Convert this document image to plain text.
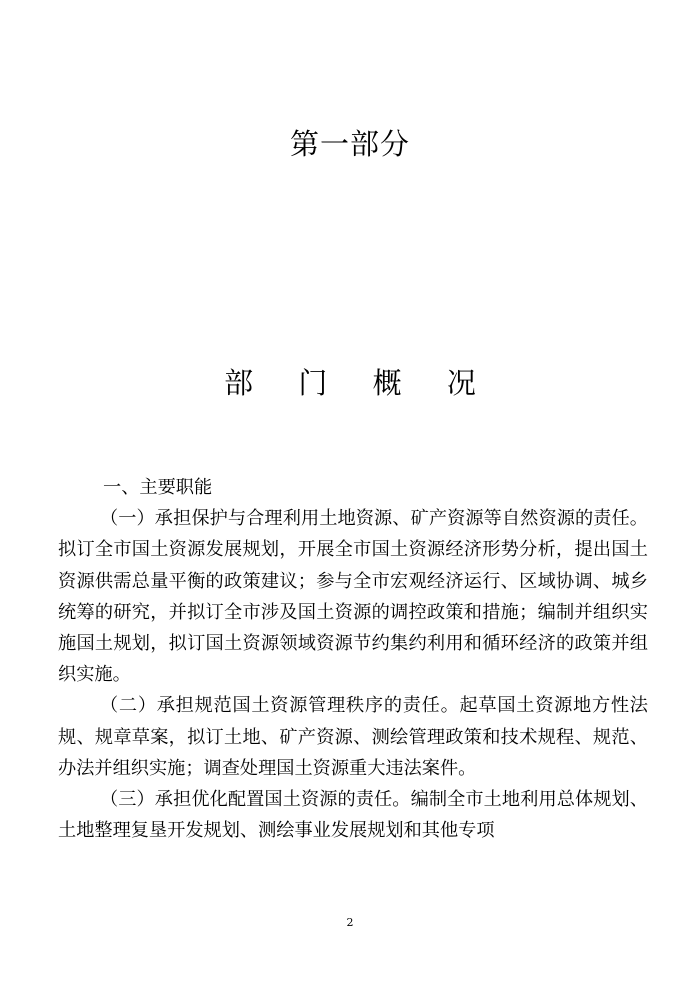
第一部分
部 门 概 况

一、主要职能

（一）承担保护与合理利用土地资源、矿产资源等自然资源的责任。拟订全市国土资源发展规划，开展全市国土资源经济形势分析，提出国土资源供需总量平衡的政策建议；参与全市宏观经济运行、区域协调、城乡统筹的研究，并拟订全市涉及国土资源的调控政策和措施；编制并组织实施国土规划，拟订国土资源领域资源节约集约利用和循环经济的政策并组织实施。

（二）承担规范国土资源管理秩序的责任。起草国土资源地方性法规、规章草案，拟订土地、矿产资源、测绘管理政策和技术规程、规范、办法并组织实施；调查处理国土资源重大违法案件。

（三）承担优化配置国土资源的责任。编制全市土地利用总体规划、土地整理复垦开发规划、测绘事业发展规划和其他专项

2
